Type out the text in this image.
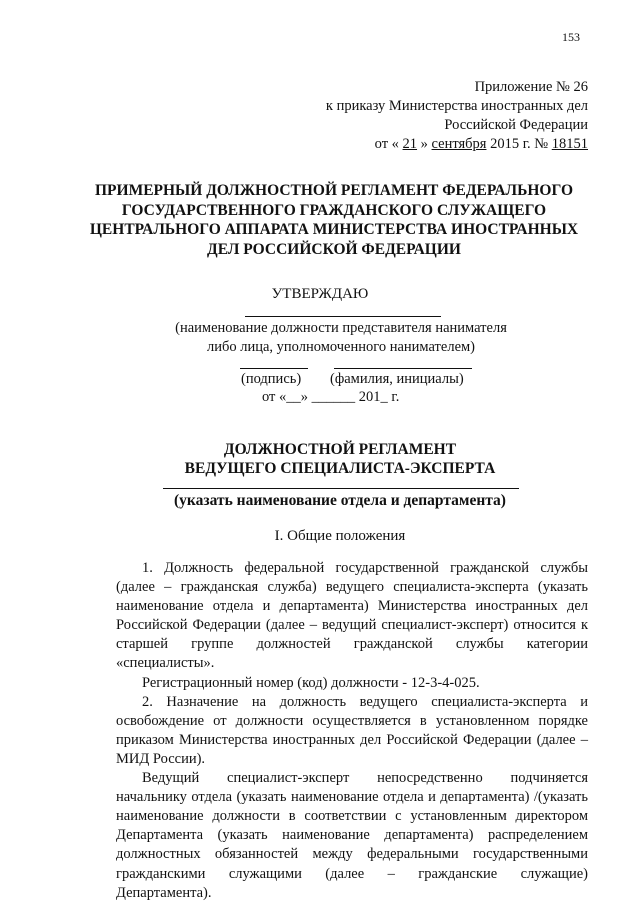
153
Приложение № 26
к приказу Министерства иностранных дел
Российской Федерации
от « 21 » сентября 2015 г. № 18151
ПРИМЕРНЫЙ ДОЛЖНОСТНОЙ РЕГЛАМЕНТ ФЕДЕРАЛЬНОГО
ГОСУДАРСТВЕННОГО ГРАЖДАНСКОГО СЛУЖАЩЕГО
ЦЕНТРАЛЬНОГО АППАРАТА МИНИСТЕРСТВА ИНОСТРАННЫХ
ДЕЛ РОССИЙСКОЙ ФЕДЕРАЦИИ
УТВЕРЖДАЮ
(наименование должности представителя нанимателя
либо лица, уполномоченного нанимателем)
(подпись) (фамилия, инициалы)
от «__» ______ 201_ г.
ДОЛЖНОСТНОЙ РЕГЛАМЕНТ
ВЕДУЩЕГО СПЕЦИАЛИСТА-ЭКСПЕРТА
(указать наименование отдела и департамента)
I. Общие положения

1. Должность федеральной государственной гражданской службы (далее – гражданская служба) ведущего специалиста-эксперта (указать наименование отдела и департамента) Министерства иностранных дел Российской Федерации (далее – ведущий специалист-эксперт) относится к старшей группе должностей гражданской службы категории «специалисты».

Регистрационный номер (код) должности - 12-3-4-025.

2. Назначение на должность ведущего специалиста-эксперта и освобождение от должности осуществляется в установленном порядке приказом Министерства иностранных дел Российской Федерации (далее – МИД России).

Ведущий специалист-эксперт непосредственно подчиняется начальнику отдела (указать наименование отдела и департамента) /(указать наименование должности в соответствии с установленным директором Департамента (указать наименование департамента) распределением должностных обязанностей между федеральными государственными гражданскими служащими (далее – гражданские служащие) Департамента).
